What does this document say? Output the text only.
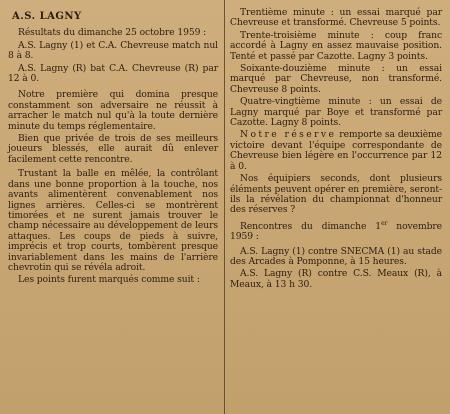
A.S. LAGNY

Résultats du dimanche 25 octobre 1959 :

A.S. Lagny (1) et C.A. Chevreuse match nul 8 à 8.

A.S. Lagny (R) bat C.A. Chevreuse (R) par 12 à 0.

Notre première qui domina presque constamment son adversaire ne réussit à arracher le match nul qu'à la toute dernière minute du temps réglementaire.

Bien que privée de trois de ses meilleurs joueurs blessés, elle aurait dû enlever facilement cette rencontre.

Trustant la balle en mêlée, la contrôlant dans une bonne proportion à la touche, nos avants alimentèrent convenablement nos lignes arrières. Celles-ci se montrèrent timorées et ne surent jamais trouver le champ nécessaire au développement de leurs attaques. Les coups de pieds à suivre, imprécis et trop courts, tombèrent presque invariablement dans les mains de l'arrière chevrotin qui se révéla adroit.

Les points furent marqués comme suit :

Trentième minute : un essai marqué par Chevreuse et transformé. Chevreuse 5 points.

Trente-troisième minute : coup franc accordé à Lagny en assez mauvaise position. Tenté et passé par Cazotte. Lagny 3 points.

Soixante-douzième minute : un essai marqué par Chevreuse, non transformé. Chevreuse 8 points.

Quatre-vingtième minute : un essai de Lagny marqué par Boye et transformé par Cazotte. Lagny 8 points.

Notre réserve remporte sa deuxième victoire devant l'équipe correspondante de Chevreuse bien légère en l'occurrence par 12 à 0.

Nos équipiers seconds, dont plusieurs éléments peuvent opérer en première, seront-ils la révélation du championnat d'honneur des réserves ?

Rencontres du dimanche 1er novembre 1959 :

A.S. Lagny (1) contre SNECMA (1) au stade des Arcades à Pomponne, à 15 heures.

A.S. Lagny (R) contre C.S. Meaux (R), à Meaux, à 13 h 30.
